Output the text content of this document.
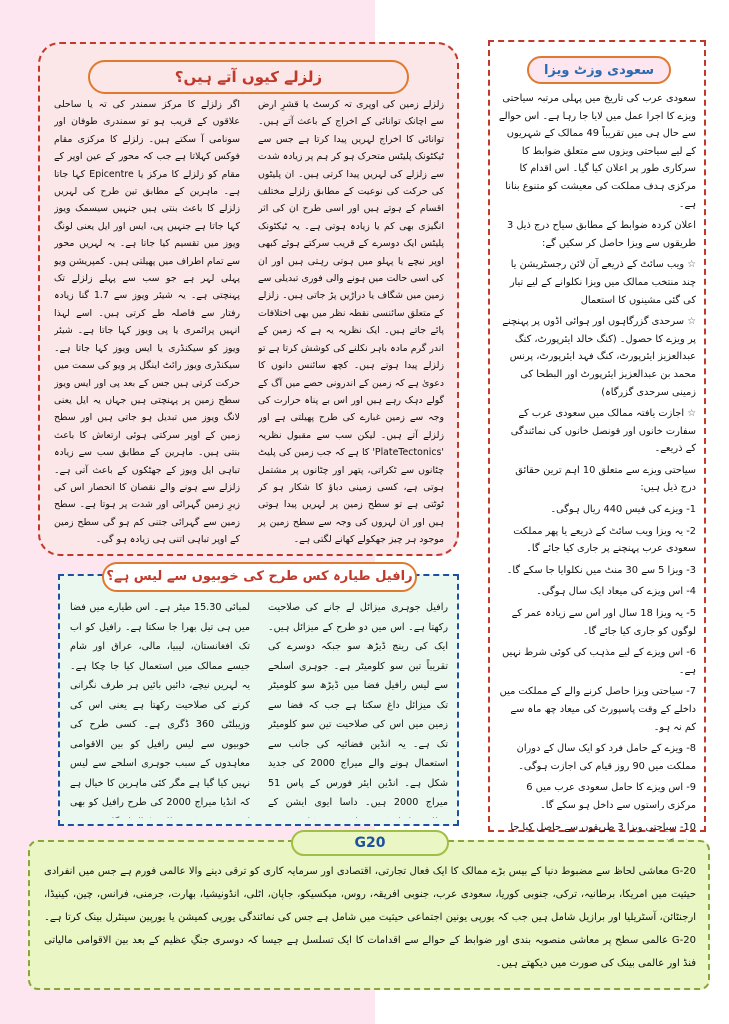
زلزلے کیوں آتے ہیں؟

زلزلے زمین کی اوپری تہ کرسٹ یا قشرِ ارض سے اچانک توانائی کے اخراج کے باعث آتے ہیں۔ توانائی کا اخراج لہریں پیدا کرتا ہے جس سے ٹیکٹونک پلیٹس متحرک ہو کر ہم پر زیادہ شدت سے زلزلے کی لہریں پیدا کرتی ہیں۔ ان پلیٹوں کی حرکت کی نوعیت کے مطابق زلزلے مختلف اقسام کے ہوتے ہیں اور اسی طرح ان کی اثر انگیزی بھی کم یا زیادہ ہوتی ہے۔ یہ ٹیکٹونک پلیٹس ایک دوسرے کے قریب سرکتے ہوئے کبھی اوپر نیچے یا پہلو میں ہوتی رہتی ہیں اور ان کی اسی حالت میں ہونے والی فوری تبدیلی سے زمین میں شگاف یا دراڑیں پڑ جاتی ہیں۔ زلزلے کے متعلق سائنسی نقطہ نظر میں بھی اختلافات پائے جاتے ہیں۔ ایک نظریہ یہ ہے کہ زمین کے اندر گرم مادہ باہر نکلنے کی کوشش کرتا ہے تو زلزلے پیدا ہوتے ہیں۔ کچھ سائنس دانوں کا دعویٰ ہے کہ زمین کے اندرونی حصے میں آگ کے گولے دہک رہے ہیں اور اس بے پناہ حرارت کی وجہ سے زمین غبارے کی طرح پھیلتی ہے اور زلزلے آتے ہیں۔ لیکن سب سے مقبول نظریہ 'PlateTectonics' کا ہے کہ جب زمین کی پلیٹ چٹانوں سے ٹکراتی، پتھر اور چٹانوں پر مشتمل ہوتی ہے، کسی زمینی دباؤ کا شکار ہو کر ٹوٹتی ہے تو سطح زمین پر لہریں پیدا ہوتی ہیں اور ان لہروں کی وجہ سے سطح زمین پر موجود ہر چیز جھکولے کھانے لگتی ہے۔

اگر زلزلے کا مرکز سمندر کی تہ یا ساحلی علاقوں کے قریب ہو تو سمندری طوفان اور سونامی آ سکتے ہیں۔ زلزلے کا مرکزی مقام فوکس کہلاتا ہے جب کہ محور کے عین اوپر کے مقام کو زلزلے کا مرکز یا Epicentre کہا جاتا ہے۔ ماہرین کے مطابق تین طرح کی لہریں زلزلے کا باعث بنتی ہیں جنہیں سیسمک ویوز کہا جاتا ہے جنہیں پی، ایس اور ایل یعنی لونگ ویوز میں تقسیم کیا جاتا ہے۔ یہ لہریں محور سے تمام اطراف میں پھیلتی ہیں۔ کمپریشن ویو پہلی لہر ہے جو سب سے پہلے زلزلے تک پہنچتی ہے۔ یہ شیئر ویوز سے 1.7 گنا زیادہ رفتار سے فاصلہ طے کرتی ہیں۔ اسے لہذا انہیں پرائمری یا پی ویوز کہا جاتا ہے۔ شیئر ویوز کو سیکنڈری یا ایس ویوز کہا جاتا ہے۔ سیکنڈری ویوز رائٹ اینگل پر ویو کی سمت میں حرکت کرتی ہیں جس کے بعد پی اور ایس ویوز سطح زمین پر پہنچتی ہیں جہاں یہ ایل یعنی لانگ ویوز میں تبدیل ہو جاتی ہیں اور سطح زمین کے اوپر سرکتی ہوئی ارتعاش کا باعث بنتی ہیں۔ ماہرین کے مطابق سب سے زیادہ تباہی ایل ویوز کے جھٹکوں کے باعث آتی ہے۔ زلزلے سے ہونے والے نقصان کا انحصار اس کی زیرِ زمین گہرائی اور شدت پر ہوتا ہے۔ سطح زمین سے گہرائی جتنی کم ہو گی سطح زمین کے اوپر تباہی اتنی ہی زیادہ ہو گی۔

سعودی وزٹ ویزا

سعودی عرب کی تاریخ میں پہلی مرتبہ سیاحتی ویزے کا اجرا عمل میں لایا جا رہا ہے۔ اس حوالے سے حال ہی میں تقریباً 49 ممالک کے شہریوں کے لیے سیاحتی ویزوں سے متعلق ضوابط کا سرکاری طور پر اعلان کیا گیا۔ اس اقدام کا مرکزی ہدف مملکت کی معیشت کو متنوع بنانا ہے۔

اعلان کردہ ضوابط کے مطابق سیاح درج ذیل 3 طریقوں سے ویزا حاصل کر سکیں گے:

☆ ویب سائٹ کے ذریعے آن لائن رجسٹریشن یا چند منتخب ممالک میں ویزا نکلوانے کے لیے تیار کی گئی مشینوں کا استعمال

☆ سرحدی گزرگاہوں اور ہوائی اڈوں پر پہنچنے پر ویزے کا حصول۔ (کنگ خالد ایئرپورٹ، کنگ عبدالعزیز ایئرپورٹ، کنگ فہد ایئرپورٹ، پرنس محمد بن عبدالعزیز ایئرپورٹ اور البطحا کی زمینی سرحدی گزرگاہ)

☆ اجازت یافتہ ممالک میں سعودی عرب کے سفارت خانوں اور قونصل خانوں کی نمائندگی کے ذریعے۔

سیاحتی ویزے سے متعلق 10 اہم ترین حقائق درج ذیل ہیں:

1- ویزے کی فیس 440 ریال ہوگی۔

2- یہ ویزا ویب سائٹ کے ذریعے یا پھر مملکت سعودی عرب پہنچنے پر جاری کیا جائے گا۔

3- ویزا 5 سے 30 منٹ میں نکلوایا جا سکے گا۔

4- اس ویزے کی میعاد ایک سال ہوگی۔

5- یہ ویزا 18 سال اور اس سے زیادہ عمر کے لوگوں کو جاری کیا جائے گا۔

6- اس ویزے کے لیے مذہب کی کوئی شرط نہیں ہے۔

7- سیاحتی ویزا حاصل کرنے والے کے مملکت میں داخلے کے وقت پاسپورٹ کی میعاد چھ ماہ سے کم نہ ہو۔

8- ویزے کے حامل فرد کو ایک سال کے دوران مملکت میں 90 روز قیام کی اجازت ہوگی۔

9- اس ویزے کا حامل سعودی عرب میں 6 مرکزی راستوں سے داخل ہو سکے گا۔

10- سیاحتی ویزا 3 طریقوں سے حاصل کیا جا

رافیل طیارہ کس طرح کی خوبیوں سے لیس ہے؟

رافیل جوہری میزائل لے جانے کی صلاحیت رکھتا ہے۔ اس میں دو طرح کے میزائل ہیں۔ ایک کی رینج ڈیڑھ سو جبکہ دوسرے کی تقریباً تین سو کلومیٹر ہے۔ جوہری اسلحے سے لیس رافیل فضا میں ڈیڑھ سو کلومیٹر تک میزائل داغ سکتا ہے جب کہ فضا سے زمین میں اس کی صلاحیت تین سو کلومیٹر تک ہے۔ یہ انڈین فضائیہ کی جانب سے استعمال ہونے والے میراج 2000 کی جدید شکل ہے۔ انڈین ایئر فورس کے پاس 51 میراج 2000 ہیں۔ داسا ایوی ایشن کے

لمبائی 15.30 میٹر ہے۔ اس طیارے میں فضا میں ہی تیل بھرا جا سکتا ہے۔ رافیل کو اب تک افغانستان، لیبیا، مالی، عراق اور شام جیسے ممالک میں استعمال کیا جا چکا ہے۔ یہ لہریں نیچے، دائیں بائیں ہر طرف نگرانی کرنے کی صلاحیت رکھتا ہے یعنی اس کی وزیبلٹی 360 ڈگری ہے۔ کسی طرح کی خوبیوں سے لیس رافیل کو بین الاقوامی معاہدوں کے سبب جوہری اسلحے سے لیس نہیں کیا گیا ہے مگر کئی ماہرین کا خیال ہے کہ انڈیا میراج 2000 کی طرح رافیل کو بھی

G20

G-20 معاشی لحاظ سے مضبوط دنیا کے بیس بڑے ممالک کا ایک فعال تجارتی، اقتصادی اور سرمایہ کاری کو ترقی دینے والا عالمی فورم ہے جس میں انفرادی حیثیت میں امریکا، برطانیہ، ترکی، جنوبی کوریا، سعودی عرب، جنوبی افریقہ، روس، میکسیکو، جاپان، اٹلی، انڈونیشیا، بھارت، جرمنی، فرانس، چین، کینیڈا، ارجنٹائن، آسٹریلیا اور برازیل شامل ہیں جب کہ یورپی یونین اجتماعی حیثیت میں شامل ہے جس کی نمائندگی یورپی کمیشن یا یورپین سینٹرل بینک کرتا ہے۔ G-20 عالمی سطح پر معاشی منصوبہ بندی اور ضوابط کے حوالے سے اقدامات کا ایک تسلسل ہے جیسا کہ دوسری جنگِ عظیم کے بعد بین الاقوامی مالیاتی فنڈ اور عالمی بینک کی صورت میں دیکھتے ہیں۔
